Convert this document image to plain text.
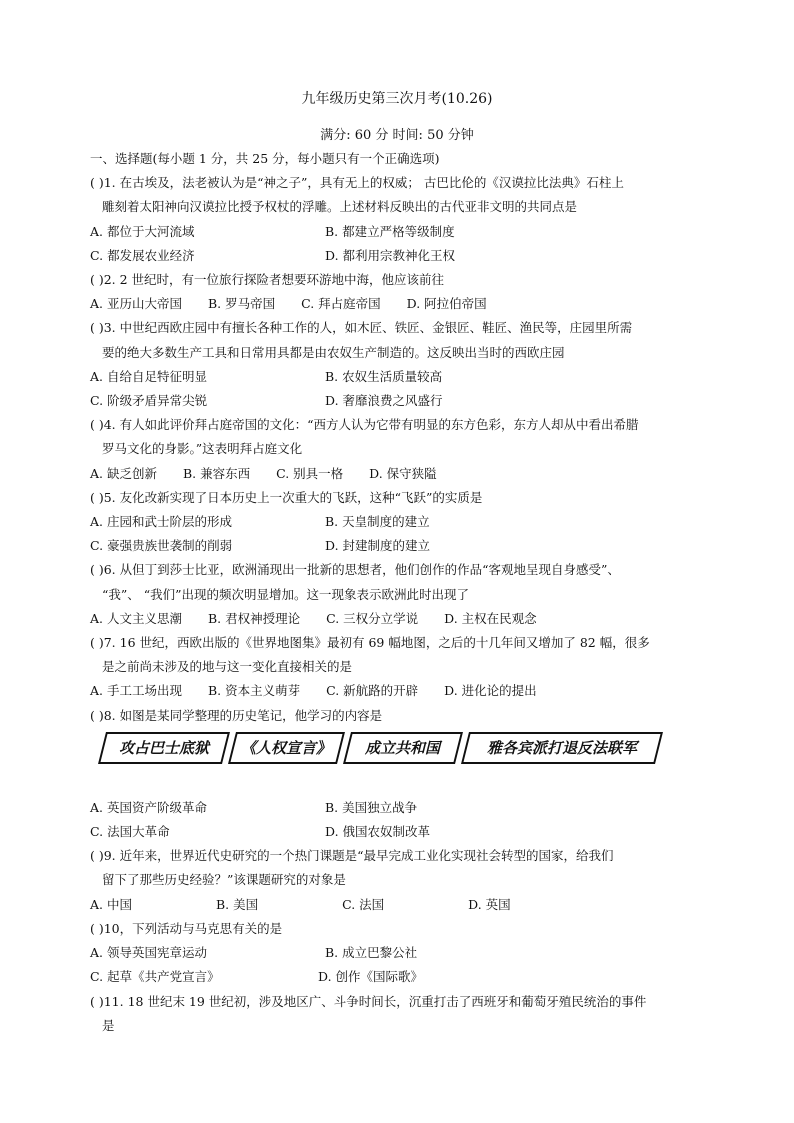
九年级历史第三次月考(10.26)
满分: 60 分 时间: 50 分钟
一、选择题(每小题 1 分，共 25 分，每小题只有一个正确选项)
( )1. 在古埃及，法老被认为是“神之子”，具有无上的权威； 古巴比伦的《汉谟拉比法典》石柱上
雕刻着太阳神向汉谟拉比授予权杖的浮雕。上述材料反映出的古代亚非文明的共同点是
A. 都位于大河流域	B. 都建立严格等级制度
C. 都发展农业经济	D. 都利用宗教神化王权
( )2. 2 世纪时，有一位旅行探险者想要环游地中海，他应该前往
A. 亚历山大帝国 B. 罗马帝国 C. 拜占庭帝国 D. 阿拉伯帝国
( )3. 中世纪西欧庄园中有擅长各种工作的人，如木匠、铁匠、金银匠、鞋匠、渔民等，庄园里所需
要的绝大多数生产工具和日常用具都是由农奴生产制造的。这反映出当时的西欧庄园
A. 自给自足特征明显	B. 农奴生活质量较高
C. 阶级矛盾异常尖锐	D. 奢靡浪费之风盛行
( )4. 有人如此评价拜占庭帝国的文化：“西方人认为它带有明显的东方色彩，东方人却从中看出希腊
罗马文化的身影。”这表明拜占庭文化
A. 缺乏创新 B. 兼容东西 C. 别具一格 D. 保守狭隘
( )5. 友化改新实现了日本历史上一次重大的飞跃，这种“飞跃”的实质是
A. 庄园和武士阶层的形成	B. 天皇制度的建立
C. 豪强贵族世袭制的削弱	D. 封建制度的建立
( )6. 从但丁到莎士比亚，欧洲涌现出一批新的思想者，他们创作的作品“客观地呈现自身感受”、
“我”、 “我们”出现的频次明显增加。这一现象表示欧洲此时出现了
A. 人文主义思潮 B. 君权神授理论 C. 三权分立学说 D. 主权在民观念
( )7. 16 世纪，西欧出版的《世界地图集》最初有 69 幅地图，之后的十几年间又增加了 82 幅，很多
是之前尚未涉及的地与这一变化直接相关的是
A. 手工工场出现 B. 资本主义萌芽 C. 新航路的开辟 D. 进化论的提出
( )8. 如图是某同学整理的历史笔记，他学习的内容是
攻占巴士底狱 《人权宣言》 成立共和国	雅各宾派打退反法联军
A. 英国资产阶级革命	B. 美国独立战争
C. 法国大革命	D. 俄国农奴制改革
( )9. 近年来，世界近代史研究的一个热门课题是“最早完成工业化实现社会转型的国家，给我们
留下了那些历史经验？”该课题研究的对象是
A. 中国	B. 美国	C. 法国	D. 英国
( )10，下列活动与马克思有关的是
A. 领导英国宪章运动	B. 成立巴黎公社
C. 起草《共产党宣言》	D. 创作《国际歌》
( )11. 18 世纪末 19 世纪初，涉及地区广、斗争时间长，沉重打击了西班牙和葡萄牙殖民统治的事件
是
